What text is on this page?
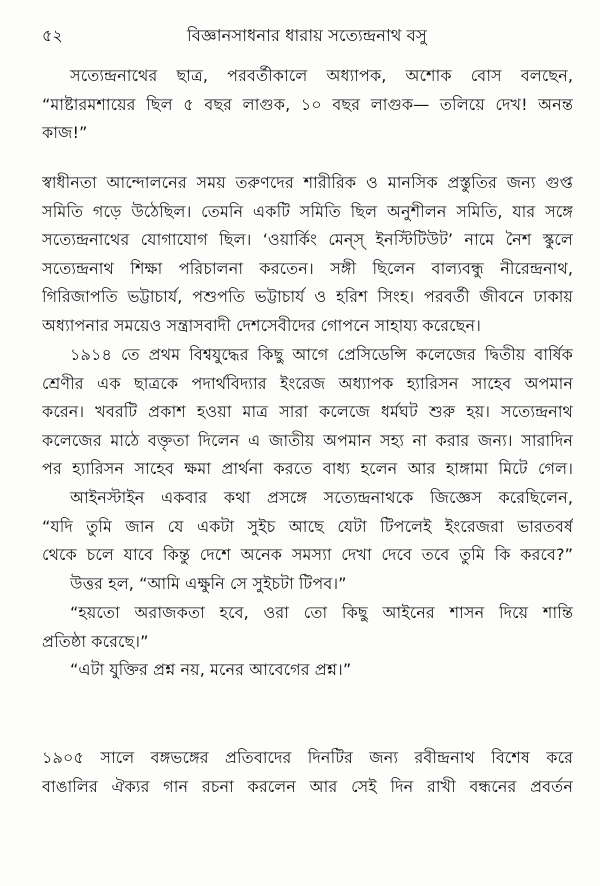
৫২	বিজ্ঞানসাধনার ধারায় সত্যেন্দ্রনাথ বসু
সত্যেন্দ্রনাথের ছাত্র, পরবর্তীকালে অধ্যাপক, অশোক বোস বলছেন,
“মাষ্টারমশায়ের ছিল ৫ বছর লাগুক, ১০ বছর লাগুক— তলিয়ে দেখ! অনন্ত
কাজ!”
স্বাধীনতা আন্দোলনের সময় তরুণদের শারীরিক ও মানসিক প্রস্তুতির জন্য গুপ্ত
সমিতি গড়ে উঠেছিল। তেমনি একটি সমিতি ছিল অনুশীলন সমিতি, যার সঙ্গে
সত্যেন্দ্রনাথের যোগাযোগ ছিল। ‘ওয়ার্কিং মেন্‌স্‌ ইনস্টিটিউট’ নামে নৈশ স্কুলে
সত্যেন্দ্রনাথ শিক্ষা পরিচালনা করতেন। সঙ্গী ছিলেন বাল্যবন্ধু নীরেন্দ্রনাথ,
গিরিজাপতি ভট্টাচার্য, পশুপতি ভট্টাচার্য ও হরিশ সিংহ। পরবর্তী জীবনে ঢাকায়
অধ্যাপনার সময়েও সন্ত্রাসবাদী দেশসেবীদের গোপনে সাহায্য করেছেন।
১৯১৪ তে প্রথম বিশ্বযুদ্ধের কিছু আগে প্রেসিডেন্সি কলেজের দ্বিতীয় বার্ষিক
শ্রেণীর এক ছাত্রকে পদার্থবিদ্যার ইংরেজ অধ্যাপক হ্যারিসন সাহেব অপমান
করেন। খবরটি প্রকাশ হওয়া মাত্র সারা কলেজে ধর্মঘট শুরু হয়। সত্যেন্দ্রনাথ
কলেজের মাঠে বক্তৃতা দিলেন এ জাতীয় অপমান সহ্য না করার জন্য। সারাদিন
পর হ্যারিসন সাহেব ক্ষমা প্রার্থনা করতে বাধ্য হলেন আর হাঙ্গামা মিটে গেল।
আইনস্টাইন একবার কথা প্রসঙ্গে সত্যেন্দ্রনাথকে জিজ্ঞেস করেছিলেন,
“যদি তুমি জান যে একটা সুইচ আছে যেটা টিপলেই ইংরেজরা ভারতবর্ষ
থেকে চলে যাবে কিন্তু দেশে অনেক সমস্যা দেখা দেবে তবে তুমি কি করবে?”
উত্তর হল, “আমি এক্ষুনি সে সুইচটা টিপব।”
“হয়তো অরাজকতা হবে, ওরা তো কিছু আইনের শাসন দিয়ে শান্তি
প্রতিষ্ঠা করেছে।”
“এটা যুক্তির প্রশ্ন নয়, মনের আবেগের প্রশ্ন।”
১৯০৫ সালে বঙ্গভঙ্গের প্রতিবাদের দিনটির জন্য রবীন্দ্রনাথ বিশেষ করে
বাঙালির ঐক্যর গান রচনা করলেন আর সেই দিন রাখী বন্ধনের প্রবর্তন
